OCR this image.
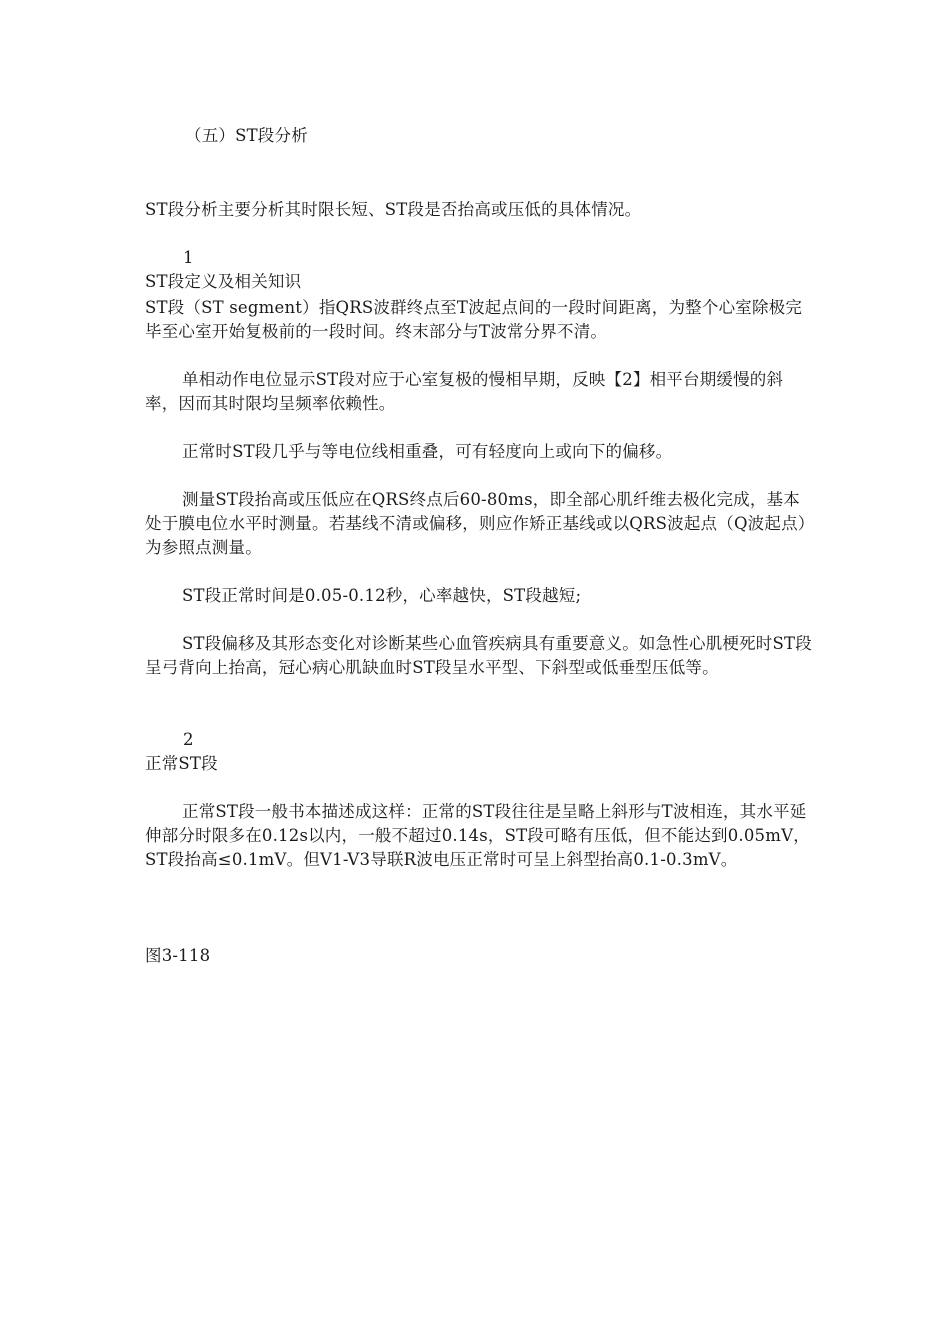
（五）ST段分析
ST段分析主要分析其时限长短、ST段是否抬高或压低的具体情况。
1
ST段定义及相关知识
ST段（ST segment）指QRS波群终点至T波起点间的一段时间距离，为整个心室除极完毕至心室开始复极前的一段时间。终末部分与T波常分界不清。
单相动作电位显示ST段对应于心室复极的慢相早期，反映【2】相平台期缓慢的斜率，因而其时限均呈频率依赖性。
正常时ST段几乎与等电位线相重叠，可有轻度向上或向下的偏移。
测量ST段抬高或压低应在QRS终点后60-80ms，即全部心肌纤维去极化完成，基本处于膜电位水平时测量。若基线不清或偏移，则应作矫正基线或以QRS波起点（Q波起点）为参照点测量。
ST段正常时间是0.05-0.12秒，心率越快，ST段越短;
ST段偏移及其形态变化对诊断某些心血管疾病具有重要意义。如急性心肌梗死时ST段呈弓背向上抬高，冠心病心肌缺血时ST段呈水平型、下斜型或低垂型压低等。
2
正常ST段
正常ST段一般书本描述成这样：正常的ST段往往是呈略上斜形与T波相连，其水平延伸部分时限多在0.12s以内，一般不超过0.14s，ST段可略有压低，但不能达到0.05mV，ST段抬高≤0.1mV。但V1-V3导联R波电压正常时可呈上斜型抬高0.1-0.3mV。
图3-118
